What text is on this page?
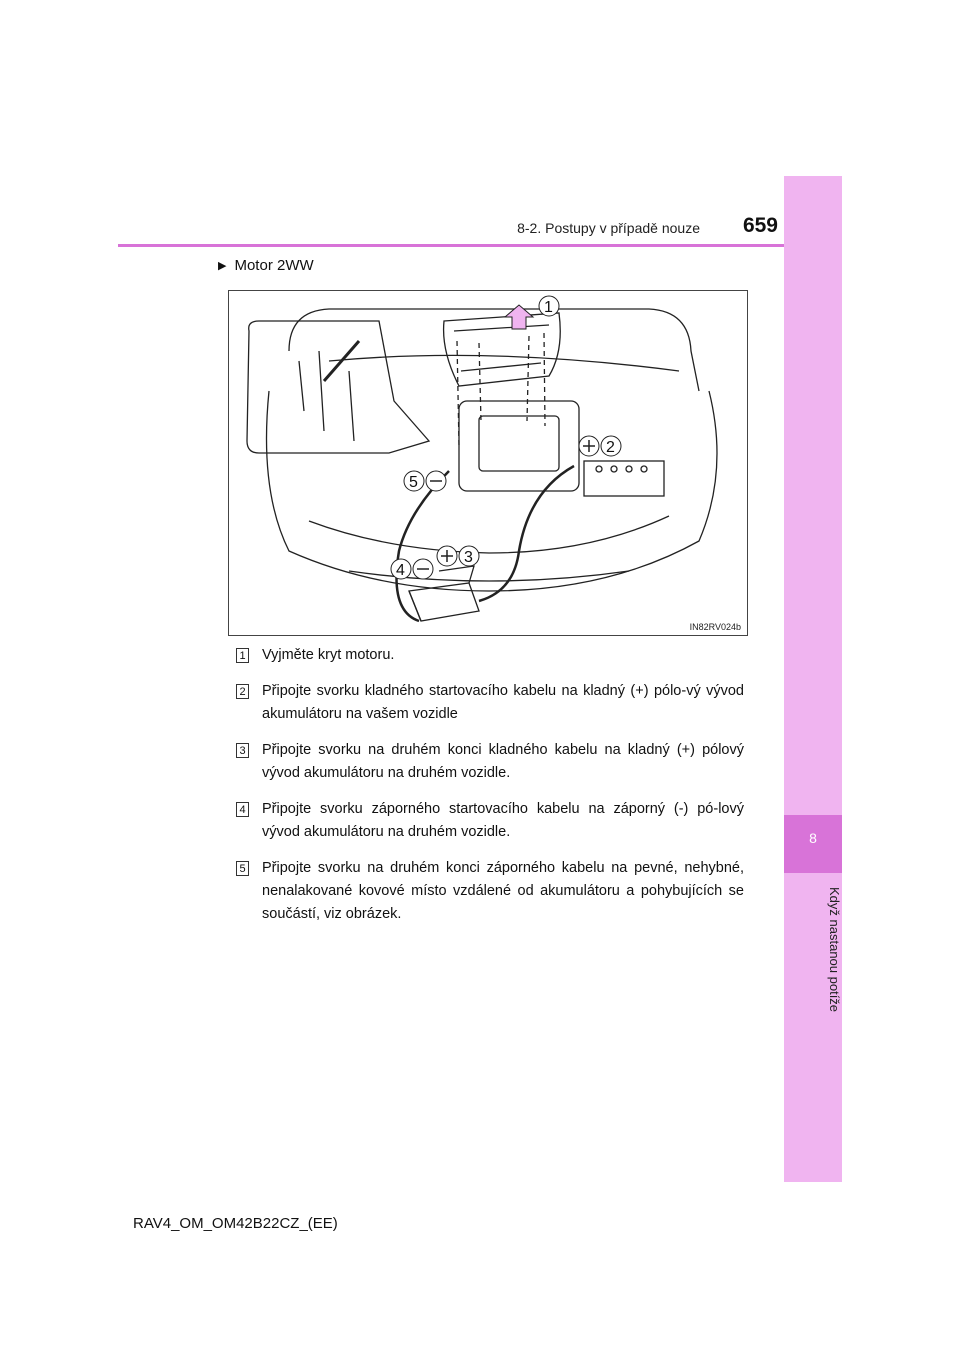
8
Když nastanou potíže
8-2. Postupy v případě nouze	659
▶ Motor 2WW
1
2
3
4
5
IN82RV024b
1 Vyjměte kryt motoru.
2 Připojte svorku kladného startovacího kabelu na kladný (+) pólo-vý vývod akumulátoru na vašem vozidle
3 Připojte svorku na druhém konci kladného kabelu na kladný (+) pólový vývod akumulátoru na druhém vozidle.
4 Připojte svorku záporného startovacího kabelu na záporný (-) pó-lový vývod akumulátoru na druhém vozidle.
5 Připojte svorku na druhém konci záporného kabelu na pevné, nehybné, nenalakované kovové místo vzdálené od akumulátoru a pohybujících se součástí, viz obrázek.
RAV4_OM_OM42B22CZ_(EE)
